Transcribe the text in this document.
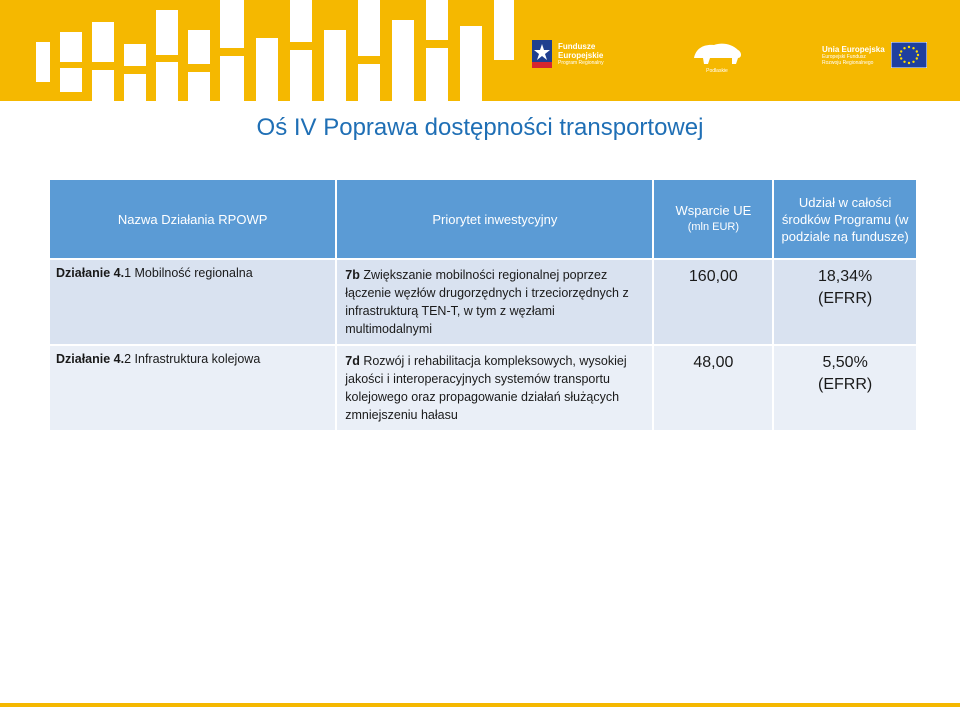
Fundusze
Europejskie
Program Regionalny
Podlaskie
Unia Europejska
Europejski Fundusz
Rozwoju Regionalnego
Oś IV Poprawa dostępności transportowej
Nazwa Działania RPOWP	Priorytet inwestycyjny	Wsparcie UE
(mln EUR)	Udział w całości środków Programu (w podziale na fundusze)
Działanie 4.1 Mobilność regionalna	7b Zwiększanie mobilności regionalnej poprzez łączenie węzłów drugorzędnych i trzeciorzędnych z infrastrukturą TEN-T, w tym z węzłami multimodalnymi	160,00	18,34%
(EFRR)

Działanie 4.2 Infrastruktura kolejowa	7d Rozwój i rehabilitacja kompleksowych, wysokiej jakości i interoperacyjnych systemów transportu kolejowego oraz propagowanie działań służących zmniejszeniu hałasu	48,00	5,50%
(EFRR)
